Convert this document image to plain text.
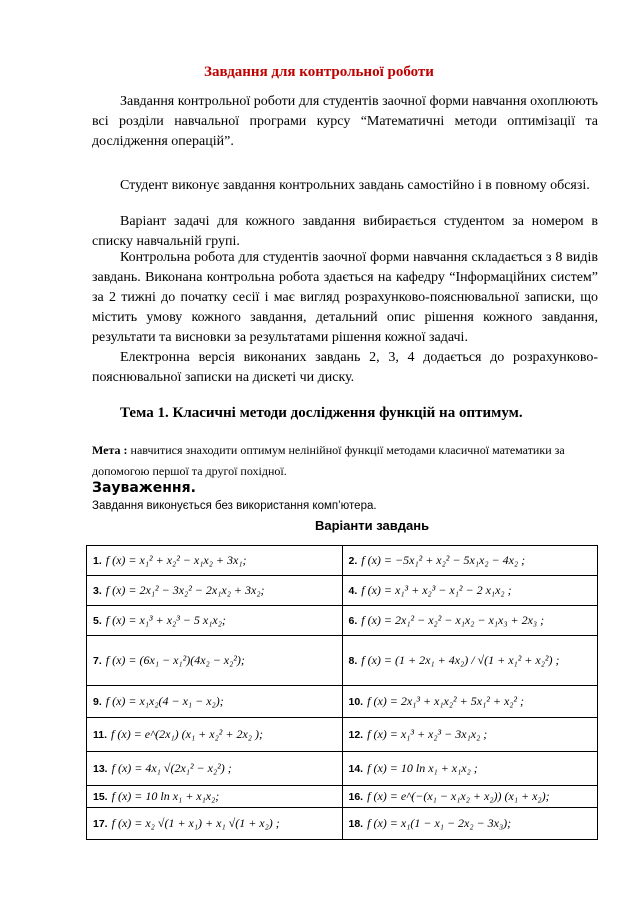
Завдання для контрольної роботи

Завдання контрольної роботи для студентів заочної форми навчання охоплюють всі розділи навчальної програми курсу “Математичні методи оптимізації та дослідження операцій”.

Студент виконує завдання контрольних завдань самостійно і в повному обсязі.

Варіант задачі для кожного завдання вибирається студентом за номером в списку навчальній групі.

Контрольна робота для студентів заочної форми навчання складається з 8 видів завдань. Виконана контрольна робота здається на кафедру “Інформаційних систем” за 2 тижні до початку сесії і має вигляд розрахунково-пояснювальної записки, що містить умову кожного завдання, детальний опис рішення кожного завдання, результати та висновки за результатами рішення кожної задачі.

Електронна версія виконаних завдань 2, 3, 4 додається до розрахунково-пояснювальної записки на дискеті чи диску.

Тема 1. Класичні методи дослідження функцій на оптимум.
Мета : навчитися знаходити оптимум нелінійної функції методами класичної математики за допомогою першої та другої похідної.
Зауваження.
Завдання виконується без використання комп’ютера.
Варіанти завдань
1. f (x) = x₁² + x₂² − x₁x₂ + 3x₁;	2. f (x) = −5x₁² + x₂² − 5x₁x₂ − 4x₂ ;
3. f (x) = 2x₁² − 3x₂² − 2x₁x₂ + 3x₂;	4. f (x) = x₁³ + x₂³ − x₁² − 2 x₁x₂ ;
5. f (x) = x₁³ + x₂³ − 5 x₁x₂;	6. f (x) = 2x₁² − x₂² − x₁x₂ − x₁x₃ + 2x₃ ;
7. f (x) = (6x₁ − x₁²)(4x₂ − x₂²);	8. f (x) = (1 + 2x₁ + 4x₂) / √(1 + x₁² + x₂²) ;
9. f (x) = x₁x₂(4 − x₁ − x₂);	10. f (x) = 2x₁³ + x₁x₂² + 5x₁² + x₂² ;
11. f (x) = e^(2x₁) (x₁ + x₂² + 2x₂ );	12. f (x) = x₁³ + x₂³ − 3x₁x₂ ;
13. f (x) = 4x₁ √(2x₁² − x₂²) ;	14. f (x) = 10 ln x₁ + x₁x₂ ;
15. f (x) = 10 ln x₁ + x₁x₂;	16. f (x) = e^(−(x₁ − x₁x₂ + x₂)) (x₁ + x₂);
17. f (x) = x₂ √(1 + x₁) + x₁ √(1 + x₂) ;	18. f (x) = x₁(1 − x₁ − 2x₂ − 3x₃);
